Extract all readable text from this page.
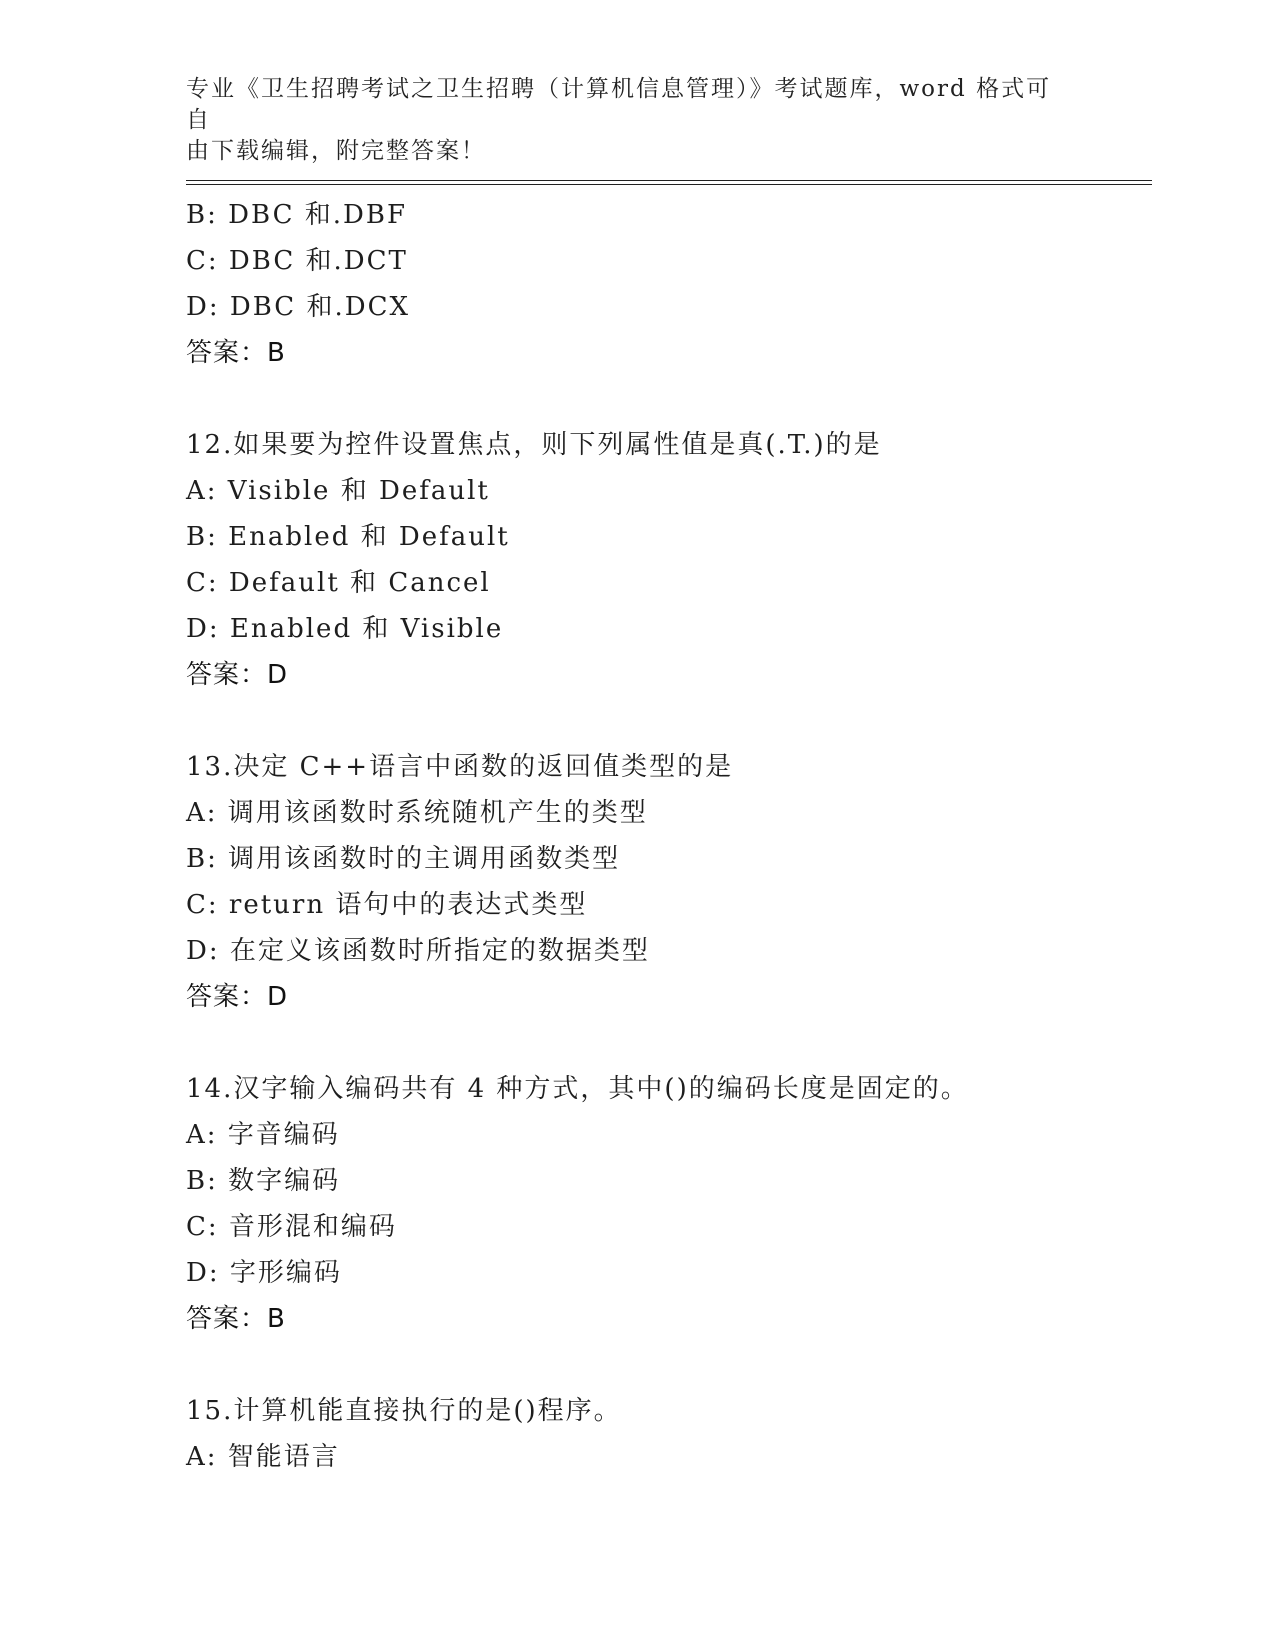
专业《卫生招聘考试之卫生招聘（计算机信息管理）》考试题库，word 格式可自
由下载编辑，附完整答案！
B: DBC 和.DBF
C: DBC 和.DCT
D: DBC 和.DCX
答案：B
12.如果要为控件设置焦点，则下列属性值是真(.T.)的是
A: Visible 和 Default
B: Enabled 和 Default
C: Default 和 Cancel
D: Enabled 和 Visible
答案：D
13.决定 C++语言中函数的返回值类型的是
A: 调用该函数时系统随机产生的类型
B: 调用该函数时的主调用函数类型
C: return 语句中的表达式类型
D: 在定义该函数时所指定的数据类型
答案：D
14.汉字输入编码共有 4 种方式，其中()的编码长度是固定的。
A: 字音编码
B: 数字编码
C: 音形混和编码
D: 字形编码
答案：B
15.计算机能直接执行的是()程序。
A: 智能语言
